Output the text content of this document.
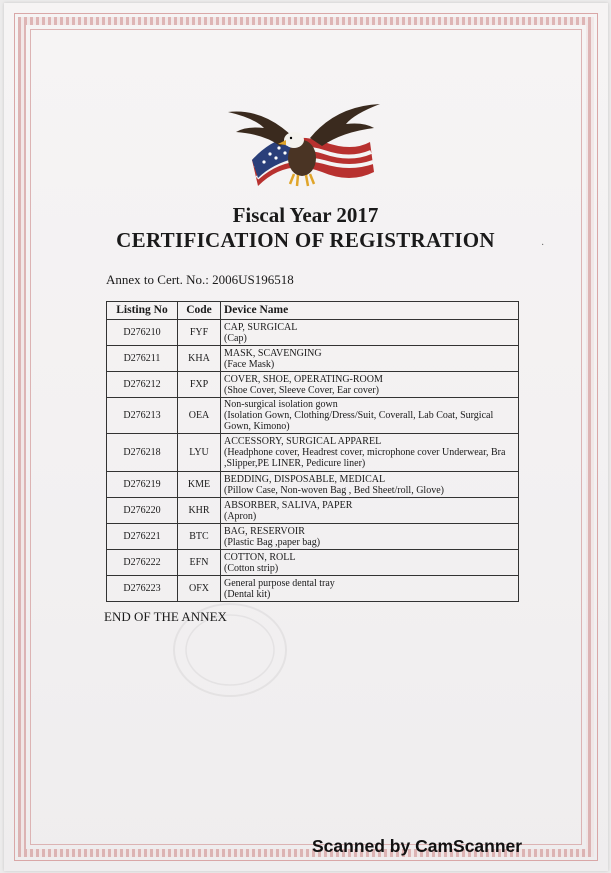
Fiscal Year 2017
CERTIFICATION OF REGISTRATION	·
Annex to Cert. No.: 2006US196518
Listing No	Code	Device Name
D276210	FYF	CAP, SURGICAL
(Cap)

D276211	KHA	MASK, SCAVENGING
(Face Mask)

D276212	FXP	COVER, SHOE, OPERATING-ROOM
(Shoe Cover, Sleeve Cover, Ear cover)

D276213	OEA	Non-surgical isolation gown
(Isolation Gown, Clothing/Dress/Suit, Coverall, Lab Coat, Surgical Gown, Kimono)

D276218	LYU	ACCESSORY, SURGICAL APPAREL
(Headphone cover, Headrest cover, microphone cover Underwear, Bra ,Slipper,PE LINER, Pedicure liner)

D276219	KME	BEDDING, DISPOSABLE, MEDICAL
(Pillow Case, Non-woven Bag , Bed Sheet/roll, Glove)

D276220	KHR	ABSORBER, SALIVA, PAPER
(Apron)

D276221	BTC	BAG, RESERVOIR
(Plastic Bag ,paper bag)

D276222	EFN	COTTON, ROLL
(Cotton strip)

D276223	OFX	General purpose dental tray
(Dental kit)
END OF THE ANNEX
Scanned by CamScanner
